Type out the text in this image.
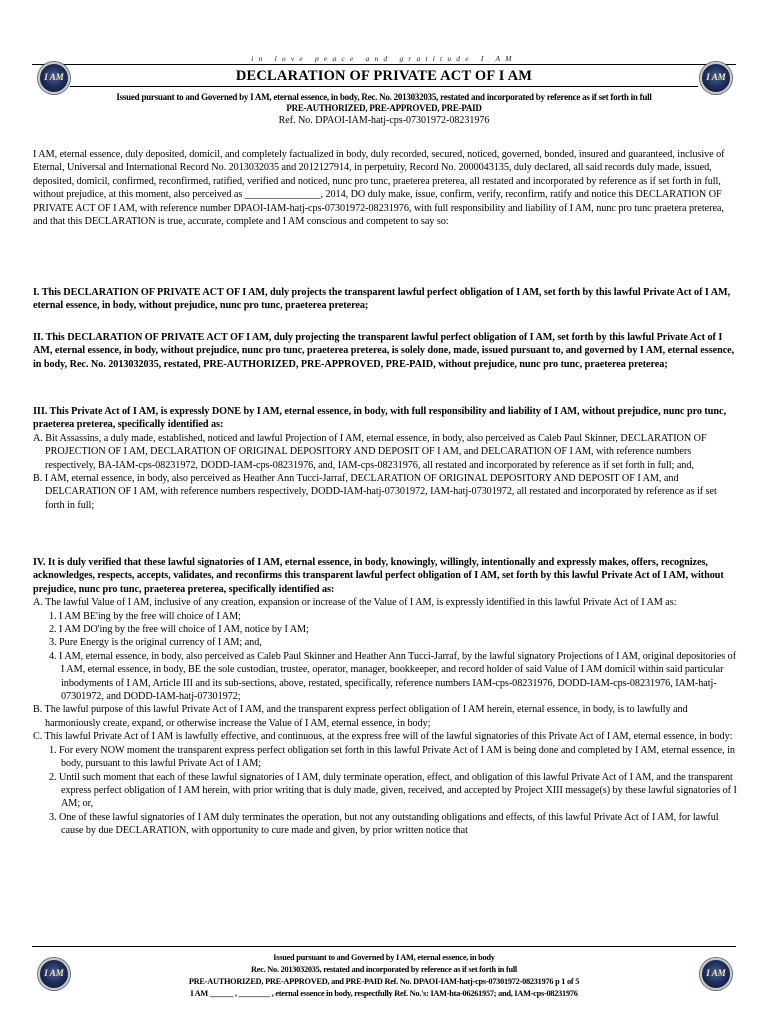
in love peace and gratitude I AM
I AM	I AM
DECLARATION OF PRIVATE ACT OF I AM
Issued pursuant to and Governed by I AM, eternal essence, in body, Rec. No. 2013032035, restated and incorporated by reference as if set forth in full
PRE-AUTHORIZED, PRE-APPROVED, PRE-PAID
Ref. No. DPAOI-IAM-hatj-cps-07301972-08231976

I AM, eternal essence, duly deposited, domicil, and completely factualized in body, duly recorded, secured, noticed, governed, bonded, insured and guaranteed, inclusive of Eternal, Universal and International Record No. 2013032035 and 2012127914, in perpetuity, Record No. 2000043135, duly declared, all said records duly made, issued, deposited, domicil, confirmed, reconfirmed, ratified, verified and noticed, nunc pro tunc, praeterea preterea, all restated and incorporated by reference as if set forth in full, without prejudice, at this moment, also perceived as _______________, 2014, DO duly make, issue, confirm, verify, reconfirm, ratify and notice this DECLARATION OF PRIVATE ACT OF I AM, with reference number DPAOI-IAM-hatj-cps-07301972-08231976, with full responsibility and liability of I AM, nunc pro tunc praetera preterea, and that this DECLARATION is true, accurate, complete and I AM conscious and competent to say so:

I. This DECLARATION OF PRIVATE ACT OF I AM, duly projects the transparent lawful perfect obligation of I AM, set forth by this lawful Private Act of I AM, eternal essence, in body, without prejudice, nunc pro tunc, praeterea preterea;

II. This DECLARATION OF PRIVATE ACT OF I AM, duly projecting the transparent lawful perfect obligation of I AM, set forth by this lawful Private Act of I AM, eternal essence, in body, without prejudice, nunc pro tunc, praeterea preterea, is solely done, made, issued pursuant to, and governed by I AM, eternal essence, in body, Rec. No. 2013032035, restated, PRE-AUTHORIZED, PRE-APPROVED, PRE-PAID, without prejudice, nunc pro tunc, praeterea preterea;

III. This Private Act of I AM, is expressly DONE by I AM, eternal essence, in body, with full responsibility and liability of I AM, without prejudice, nunc pro tunc, praeterea preterea, specifically identified as:

A. Bit Assassins, a duly made, established, noticed and lawful Projection of I AM, eternal essence, in body, also perceived as Caleb Paul Skinner, DECLARATION OF PROJECTION OF I AM, DECLARATION OF ORIGINAL DEPOSITORY AND DEPOSIT OF I AM, and DELCARATION OF I AM, with reference numbers respectively, BA-IAM-cps-08231972, DODD-IAM-cps-08231976, and, IAM-cps-08231976, all restated and incorporated by reference as if set forth in full; and,

B. I AM, eternal essence, in body, also perceived as Heather Ann Tucci-Jarraf, DECLARATION OF ORIGINAL DEPOSITORY AND DEPOSIT OF I AM, and DELCARATION OF I AM, with reference numbers respectively, DODD-IAM-hatj-07301972, IAM-hatj-07301972, all restated and incorporated by reference as if set forth in full;

IV. It is duly verified that these lawful signatories of I AM, eternal essence, in body, knowingly, willingly, intentionally and expressly makes, offers, recognizes, acknowledges, respects, accepts, validates, and reconfirms this transparent lawful perfect obligation of I AM, set forth by this lawful Private Act of I AM, without prejudice, nunc pro tunc, praeterea preterea, specifically identified as:

A. The lawful Value of I AM, inclusive of any creation, expansion or increase of the Value of I AM, is expressly identified in this lawful Private Act of I AM as:

1. I AM BE'ing by the free will choice of I AM;

2. I AM DO'ing by the free will choice of I AM, notice by I AM;

3. Pure Energy is the original currency of I AM; and,

4. I AM, eternal essence, in body, also perceived as Caleb Paul Skinner and Heather Ann Tucci-Jarraf, by the lawful signatory Projections of I AM, original depositories of I AM, eternal essence, in body, BE the sole custodian, trustee, operator, manager, bookkeeper, and record holder of said Value of I AM domicil within said particular inbodyments of I AM, Article III and its sub-sections, above, restated, specifically, reference numbers IAM-cps-08231976, DODD-IAM-cps-08231976, IAM-hatj-07301972, and DODD-IAM-hatj-07301972;

B. The lawful purpose of this lawful Private Act of I AM, and the transparent express perfect obligation of I AM herein, eternal essence, in body, is to lawfully and harmoniously create, expand, or otherwise increase the Value of I AM, eternal essence, in body;

C. This lawful Private Act of I AM is lawfully effective, and continuous, at the express free will of the lawful signatories of this Private Act of I AM, eternal essence, in body:

1. For every NOW moment the transparent express perfect obligation set forth in this lawful Private Act of I AM is being done and completed by I AM, eternal essence, in body, pursuant to this lawful Private Act of I AM;

2. Until such moment that each of these lawful signatories of I AM, duly terminate operation, effect, and obligation of this lawful Private Act of I AM, and the transparent express perfect obligation of I AM herein, with prior writing that is duly made, given, received, and accepted by Project XIII message(s) by these lawful signatories of I AM; or,

3. One of these lawful signatories of I AM duly terminates the operation, but not any outstanding obligations and effects, of this lawful Private Act of I AM, for lawful cause by due DECLARATION, with opportunity to cure made and given, by prior written notice that

I AM	I AM
Issued pursuant to and Governed by I AM, eternal essence, in body
Rec. No. 2013032035, restated and incorporated by reference as if set forth in full
PRE-AUTHORIZED, PRE-APPROVED, and PRE-PAID Ref. No. DPAOI-IAM-hatj-cps-07301972-08231976 p 1 of 5
I AM ______ , ________ , eternal essence in body, respectfully Ref. No.'s: IAM-hta-06261957; and, IAM-cps-08231976
